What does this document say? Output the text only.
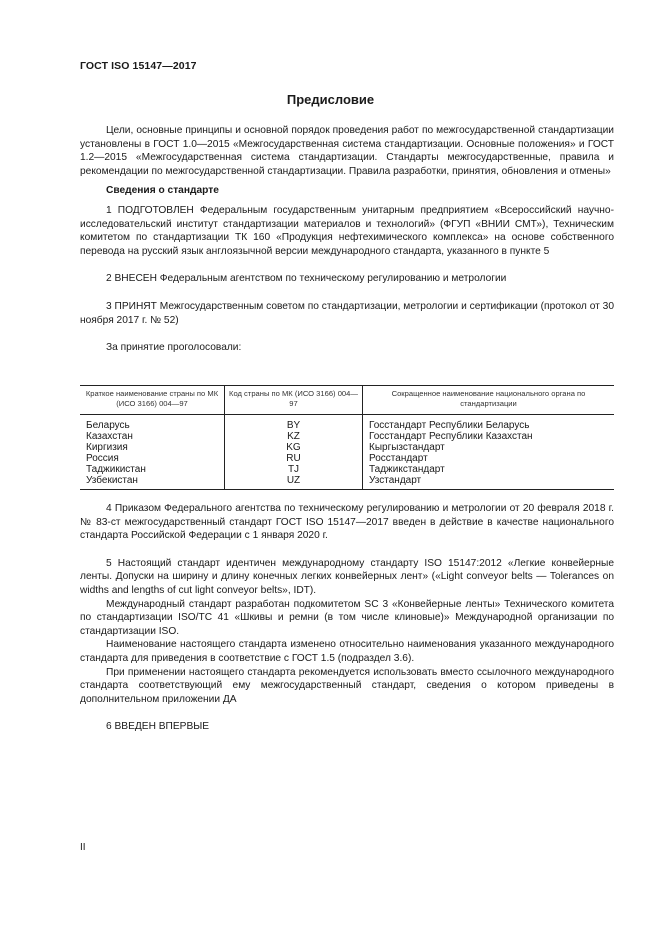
ГОСТ ISO 15147—2017
Предисловие

Цели, основные принципы и основной порядок проведения работ по межгосударственной стандартизации установлены в ГОСТ 1.0—2015 «Межгосударственная система стандартизации. Основные положения» и ГОСТ 1.2—2015 «Межгосударственная система стандартизации. Стандарты межгосударственные, правила и рекомендации по межгосударственной стандартизации. Правила разработки, принятия, обновления и отмены»

Сведения о стандарте

1 ПОДГОТОВЛЕН Федеральным государственным унитарным предприятием «Всероссийский научно-исследовательский институт стандартизации материалов и технологий» (ФГУП «ВНИИ СМТ»), Техническим комитетом по стандартизации ТК 160 «Продукция нефтехимического комплекса» на основе собственного перевода на русский язык англоязычной версии международного стандарта, указанного в пункте 5

2 ВНЕСЕН Федеральным агентством по техническому регулированию и метрологии

3 ПРИНЯТ Межгосударственным советом по стандартизации, метрологии и сертификации (протокол от 30 ноября 2017 г. № 52)

За принятие проголосовали:

Краткое наименование страны по МК (ИСО 3166) 004—97	Код страны по МК (ИСО 3166) 004—97	Сокращенное наименование национального органа по стандартизации
Беларусь	BY	Госстандарт Республики Беларусь
Казахстан	KZ	Госстандарт Республики Казахстан
Киргизия	KG	Кыргызстандарт
Россия	RU	Росстандарт
Таджикистан	TJ	Таджикстандарт
Узбекистан	UZ	Узстандарт

4 Приказом Федерального агентства по техническому регулированию и метрологии от 20 февраля 2018 г. № 83-ст межгосударственный стандарт ГОСТ ISO 15147—2017 введен в действие в качестве национального стандарта Российской Федерации с 1 января 2020 г.

5 Настоящий стандарт идентичен международному стандарту ISO 15147:2012 «Легкие конвейерные ленты. Допуски на ширину и длину конечных легких конвейерных лент» («Light conveyor belts — Tolerances on widths and lengths of cut light conveyor belts», IDT).

Международный стандарт разработан подкомитетом SC 3 «Конвейерные ленты» Технического комитета по стандартизации ISO/TC 41 «Шкивы и ремни (в том числе клиновые)» Международной организации по стандартизации ISO.

Наименование настоящего стандарта изменено относительно наименования указанного международного стандарта для приведения в соответствие с ГОСТ 1.5 (подраздел 3.6).

При применении настоящего стандарта рекомендуется использовать вместо ссылочного международного стандарта соответствующий ему межгосударственный стандарт, сведения о котором приведены в дополнительном приложении ДА

6 ВВЕДЕН ВПЕРВЫЕ

II
